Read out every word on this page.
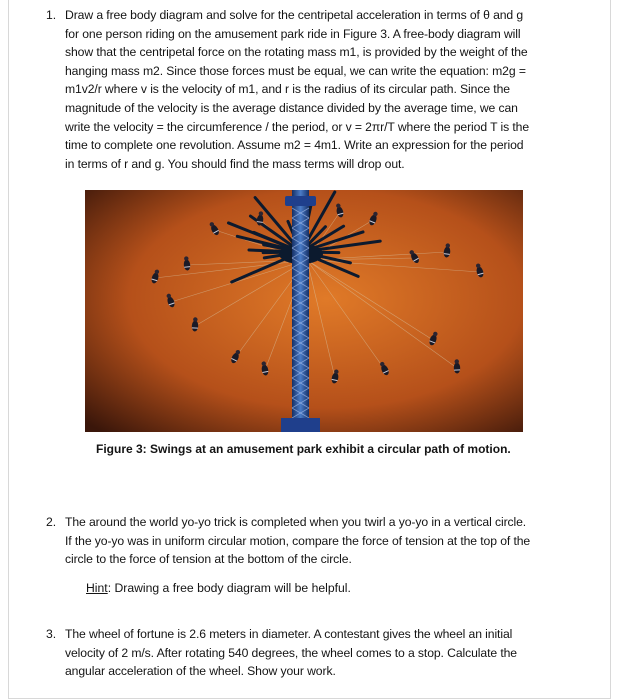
1. Draw a free body diagram and solve for the centripetal acceleration in terms of θ and g
for one person riding on the amusement park ride in Figure 3. A free-body diagram will
show that the centripetal force on the rotating mass m1, is provided by the weight of the
hanging mass m2. Since those forces must be equal, we can write the equation: m2g =
m1v2/r where v is the velocity of m1, and r is the radius of its circular path. Since the
magnitude of the velocity is the average distance divided by the average time, we can
write the velocity = the circumference / the period, or v = 2πr/T where the period T is the
time to complete one revolution. Assume m2 = 4m1. Write an expression for the period
in terms of r and g. You should find the mass terms will drop out.
Figure 3: Swings at an amusement park exhibit a circular path of motion.
2. The around the world yo-yo trick is completed when you twirl a yo-yo in a vertical circle.
If the yo-yo was in uniform circular motion, compare the force of tension at the top of the
circle to the force of tension at the bottom of the circle.
Hint: Drawing a free body diagram will be helpful.
3. The wheel of fortune is 2.6 meters in diameter. A contestant gives the wheel an initial
velocity of 2 m/s. After rotating 540 degrees, the wheel comes to a stop. Calculate the
angular acceleration of the wheel. Show your work.
